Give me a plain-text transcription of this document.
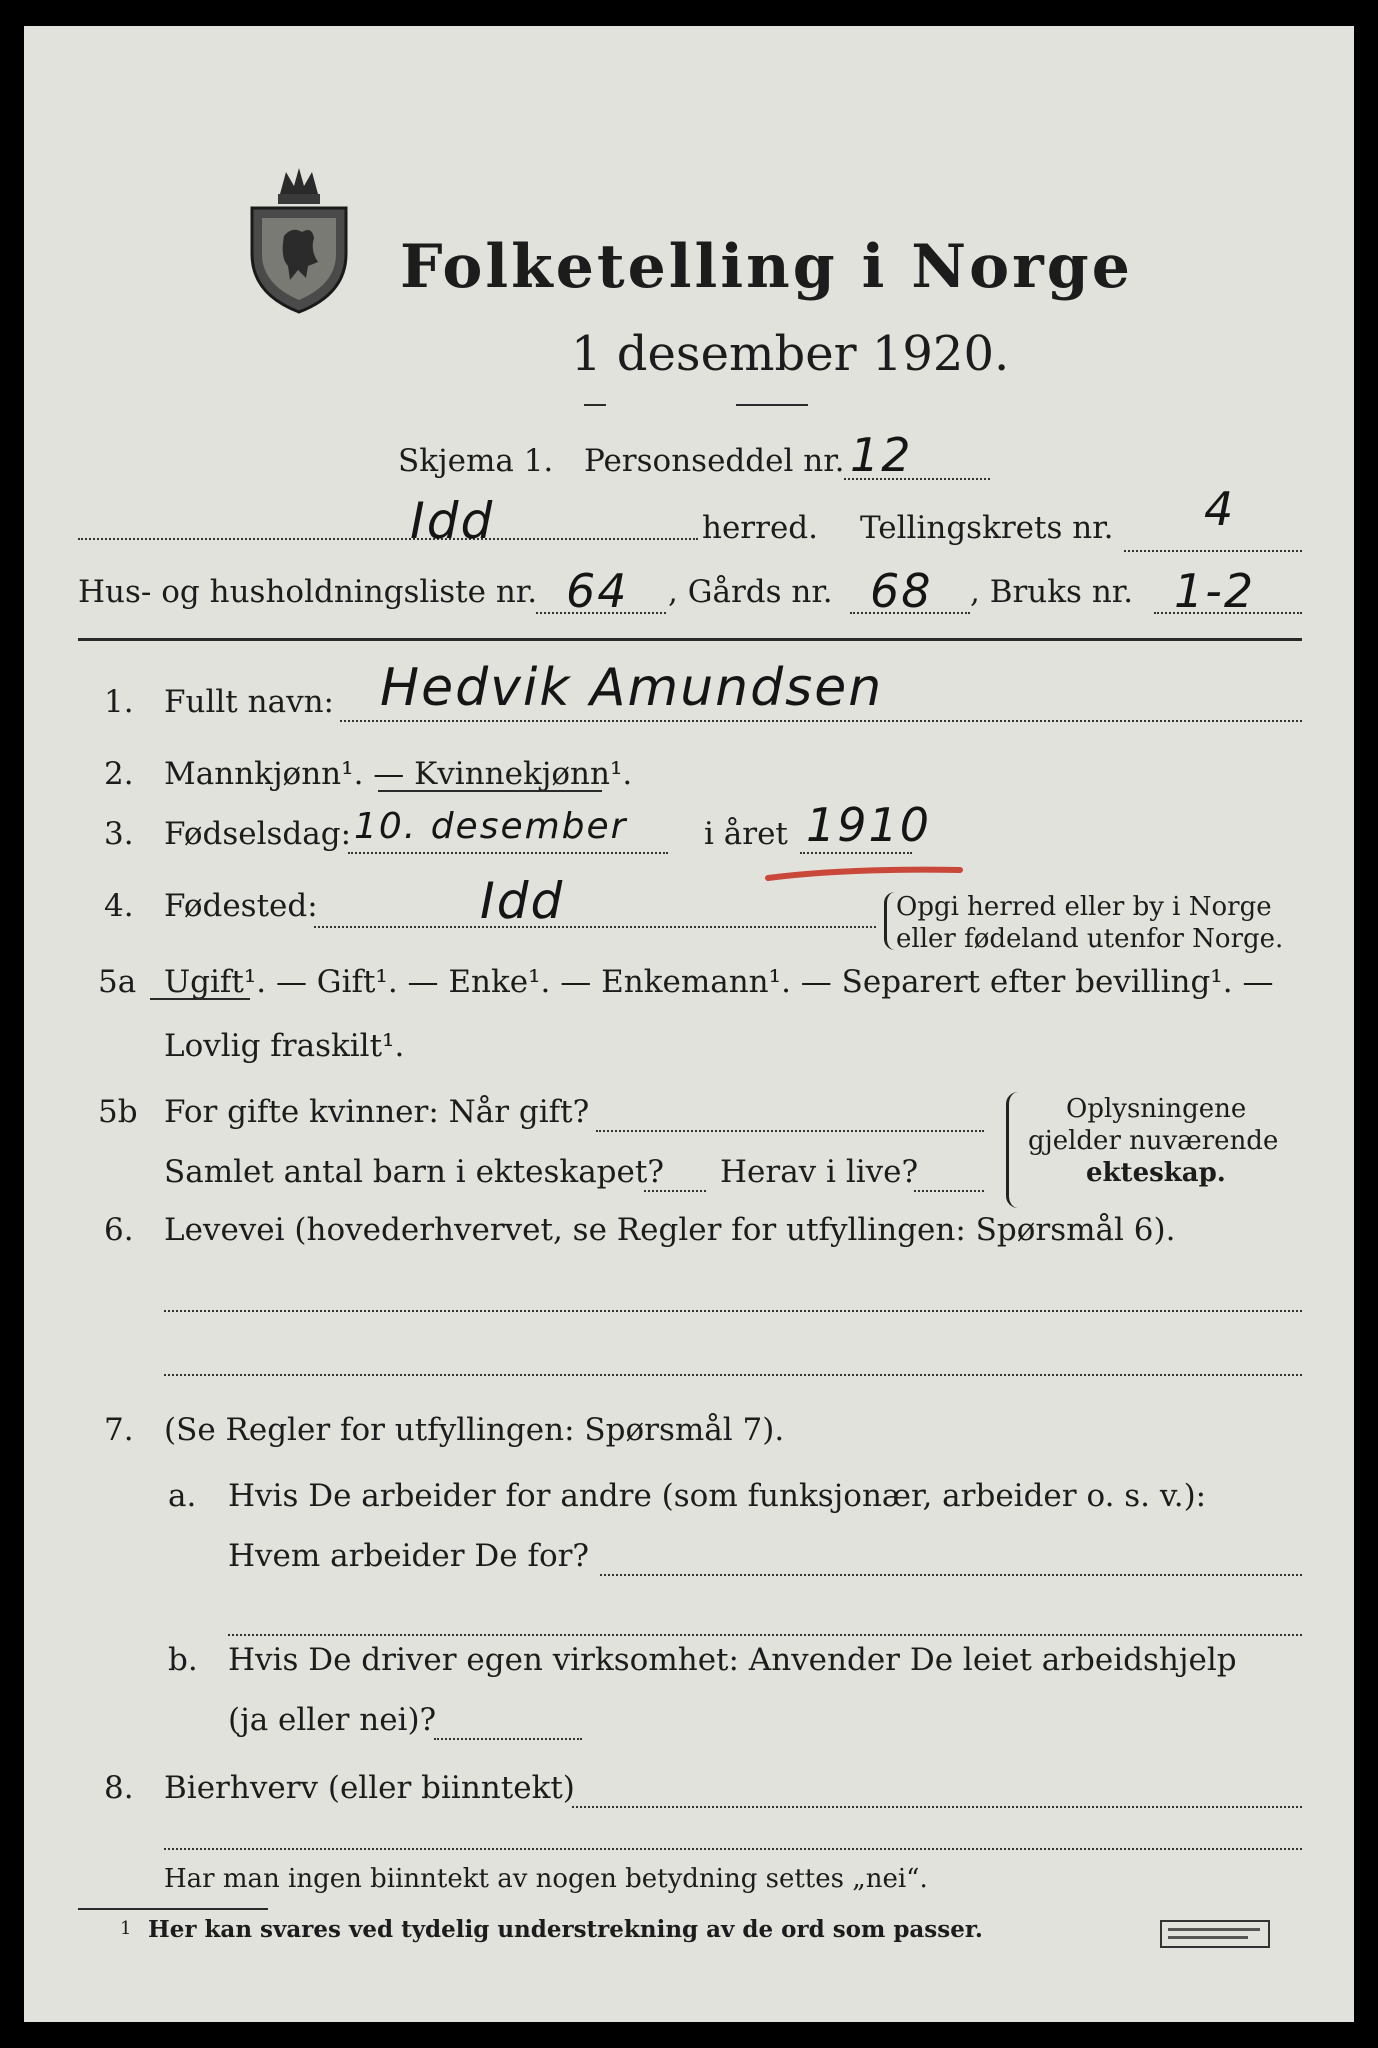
Folketelling i Norge
1 desember 1920.
Skjema 1. Personseddel nr. 12
Idd	herred. Tellingskrets nr. 4
Hus- og husholdningsliste nr. 64 , Gårds nr. 68 , Bruks nr. 1-2
1. Fullt navn: Hedvik Amundsen
2. Mannkjønn¹. — Kvinnekjønn¹.
3. Fødselsdag: 10. desember i året 1910
4. Fødested:	Idd	Opgi herred eller by i Norge
eller fødeland utenfor Norge.
5a Ugift¹. — Gift¹. — Enke¹. — Enkemann¹. — Separert efter bevilling¹. —
Lovlig fraskilt¹.
5b For gifte kvinner: Når gift?
Samlet antal barn i ekteskapet? Herav i live?
Oplysningene
gjelder nuværende
ekteskap.
6. Levevei (hovederhvervet, se Regler for utfyllingen: Spørsmål 6).
7. (Se Regler for utfyllingen: Spørsmål 7).
a. Hvis De arbeider for andre (som funksjonær, arbeider o. s. v.):
Hvem arbeider De for?
b. Hvis De driver egen virksomhet: Anvender De leiet arbeidshjelp
(ja eller nei)?
8. Bierhverv (eller biinntekt)
Har man ingen biinntekt av nogen betydning settes „nei“.
1 Her kan svares ved tydelig understrekning av de ord som passer.
